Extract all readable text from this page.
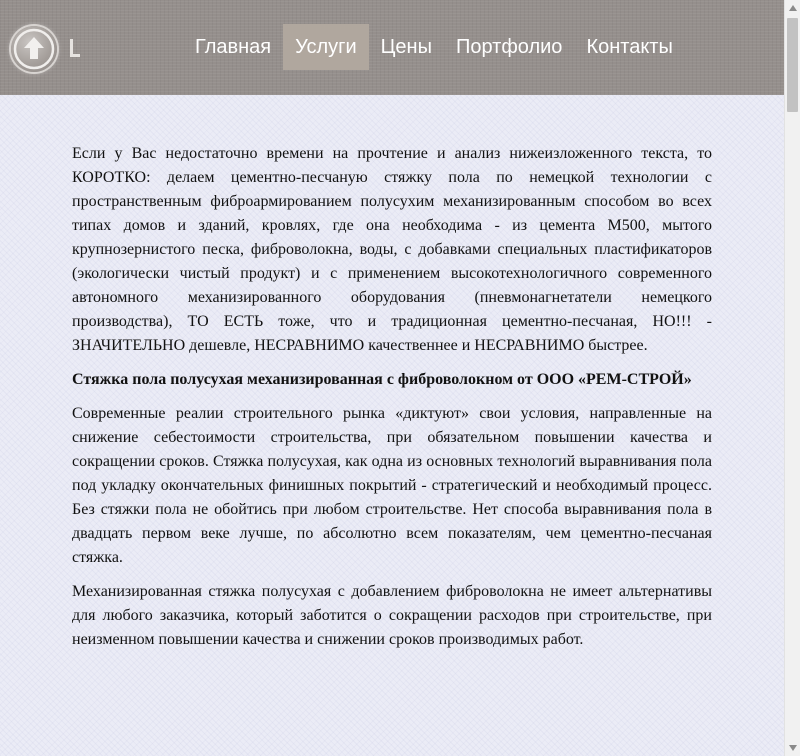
Главная	Услуги	Цены	Портфолио	Контакты

Если у Вас недостаточно времени на прочтение и анализ нижеизложенного текста, то КОРОТКО: делаем цементно-песчаную стяжку пола по немецкой технологии с пространственным фиброармированием полусухим механизированным способом во всех типах домов и зданий, кровлях, где она необходима - из цемента М500, мытого крупнозернистого песка, фиброволокна, воды, с добавками специальных пластификаторов (экологически чистый продукт) и с применением высокотехнологичного современного автономного механизированного оборудования (пневмонагнетатели немецкого производства), ТО ЕСТЬ тоже, что и традиционная цементно-песчаная, НО!!! - ЗНАЧИТЕЛЬНО дешевле, НЕСРАВНИМО качественнее и НЕСРАВНИМО быстрее.

Стяжка пола полусухая механизированная с фиброволокном от ООО «РЕМ-СТРОЙ»

Современные реалии строительного рынка «диктуют» свои условия, направленные на снижение себестоимости строительства, при обязательном повышении качества и сокращении сроков. Стяжка полусухая, как одна из основных технологий выравнивания пола под укладку окончательных финишных покрытий - стратегический и необходимый процесс. Без стяжки пола не обойтись при любом строительстве. Нет способа выравнивания пола в двадцать первом веке лучше, по абсолютно всем показателям, чем цементно-песчаная стяжка.

Механизированная стяжка полусухая с добавлением фиброволокна не имеет альтернативы для любого заказчика, который заботится о сокращении расходов при строительстве, при неизменном повышении качества и снижении сроков производимых работ.
